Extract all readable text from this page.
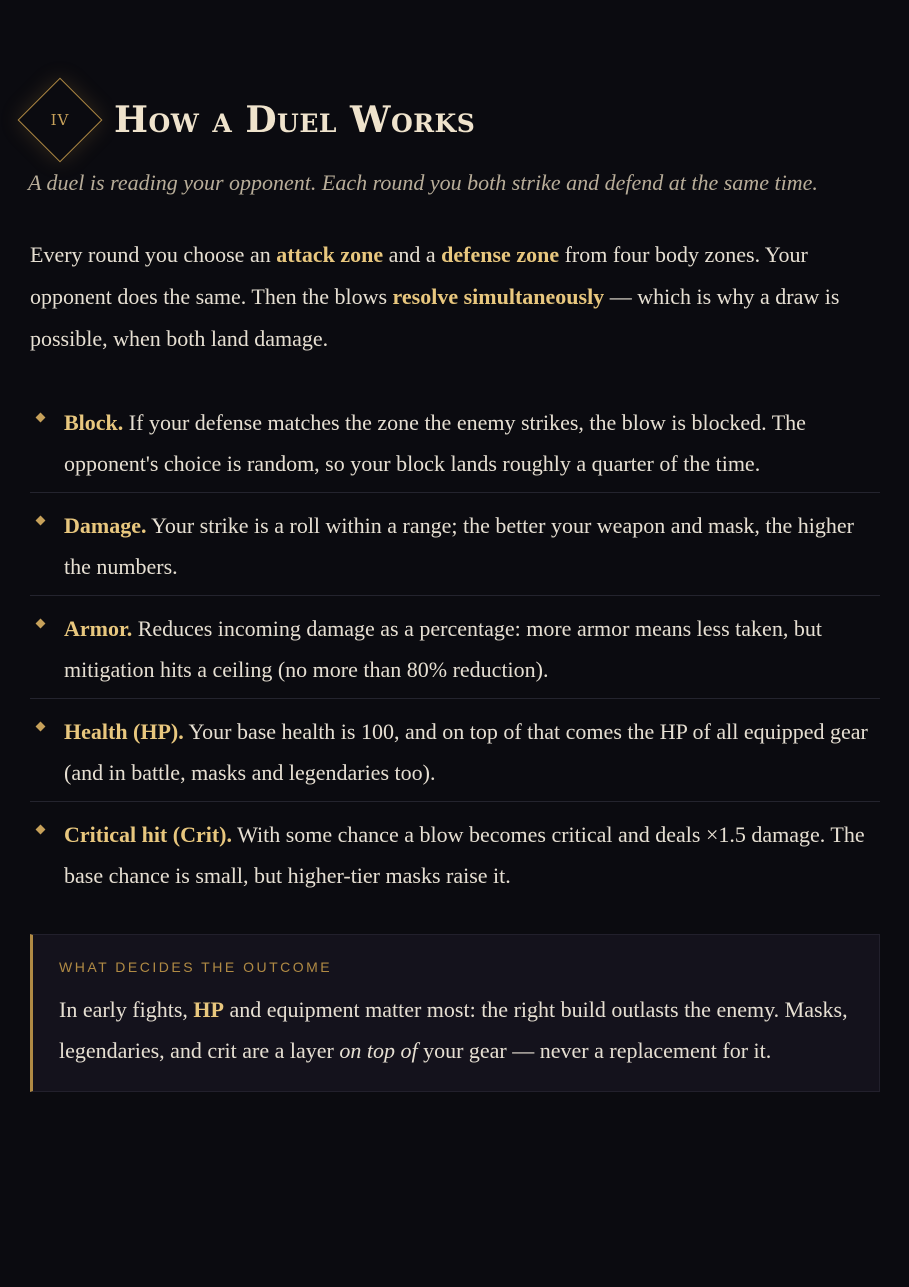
IV	How a Duel Works
A duel is reading your opponent. Each round you both strike and defend at the same time.

Every round you choose an attack zone and a defense zone from four body zones. Your opponent does the same. Then the blows resolve simultaneously — which is why a draw is possible, when both land damage.

Block. If your defense matches the zone the enemy strikes, the blow is blocked. The opponent's choice is random, so your block lands roughly a quarter of the time.
Damage. Your strike is a roll within a range; the better your weapon and mask, the higher the numbers.
Armor. Reduces incoming damage as a percentage: more armor means less taken, but mitigation hits a ceiling (no more than 80% reduction).
Health (HP). Your base health is 100, and on top of that comes the HP of all equipped gear (and in battle, masks and legendaries too).
Critical hit (Crit). With some chance a blow becomes critical and deals ×1.5 damage. The base chance is small, but higher-tier masks raise it.
WHAT DECIDES THE OUTCOME
In early fights, HP and equipment matter most: the right build outlasts the enemy. Masks, legendaries, and crit are a layer on top of your gear — never a replacement for it.
